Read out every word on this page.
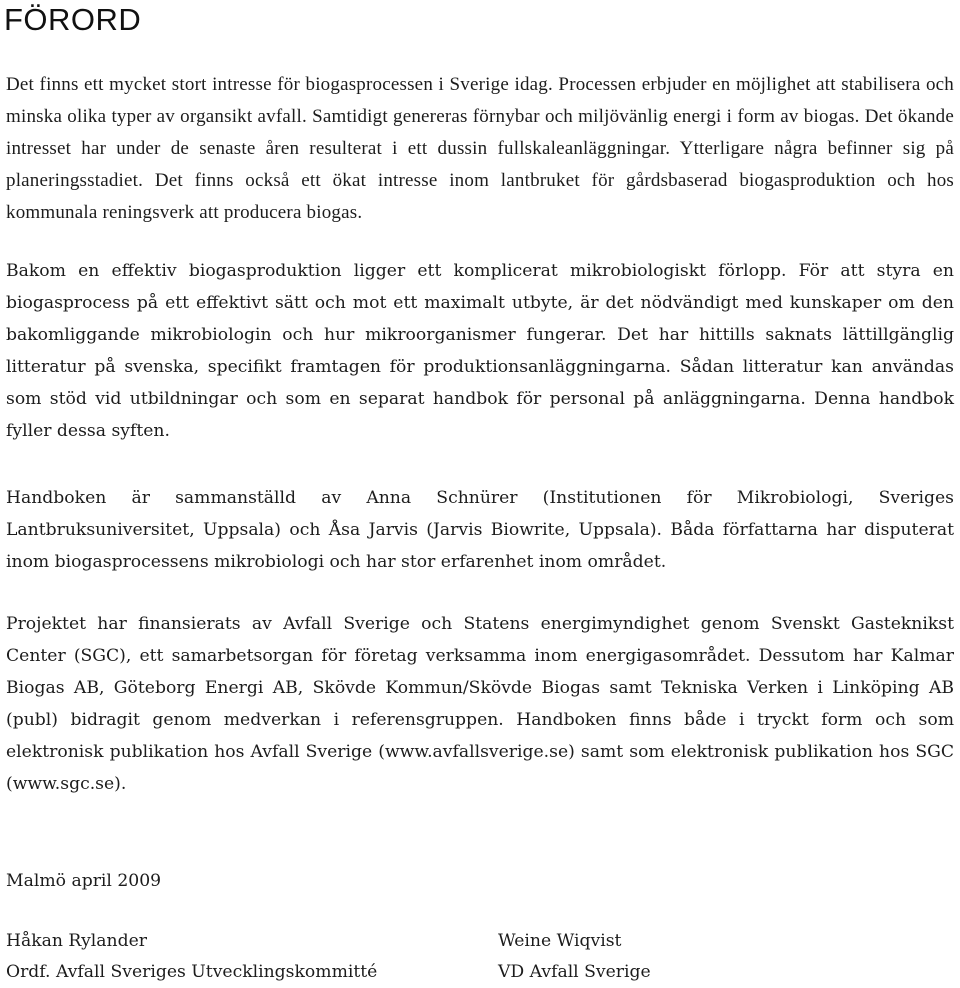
FÖRORD

Det finns ett mycket stort intresse för biogasprocessen i Sverige idag. Processen erbjuder en möjlighet att stabilisera och minska olika typer av organsikt avfall. Samtidigt genereras förnybar och miljövänlig energi i form av biogas. Det ökande intresset har under de senaste åren resulterat i ett dussin fullskaleanläggningar. Ytterligare några befinner sig på planeringsstadiet. Det finns också ett ökat intresse inom lantbruket för gårdsbaserad biogasproduktion och hos kommunala reningsverk att producera biogas.

Bakom en effektiv biogasproduktion ligger ett komplicerat mikrobiologiskt förlopp. För att styra en biogasprocess på ett effektivt sätt och mot ett maximalt utbyte, är det nödvändigt med kunskaper om den bakomliggande mikrobiologin och hur mikroorganismer fungerar. Det har hittills saknats lättillgänglig litteratur på svenska, specifikt framtagen för produktionsanläggningarna. Sådan litteratur kan användas som stöd vid utbildningar och som en separat handbok för personal på anläggningarna. Denna handbok fyller dessa syften.

Handboken är sammanställd av Anna Schnürer (Institutionen för Mikrobiologi, Sveriges Lantbruksuniversitet, Uppsala) och Åsa Jarvis (Jarvis Biowrite, Uppsala). Båda författarna har disputerat inom biogasprocessens mikrobiologi och har stor erfarenhet inom området.

Projektet har finansierats av Avfall Sverige och Statens energimyndighet genom Svenskt Gasteknikst Center (SGC), ett samarbetsorgan för företag verksamma inom energigasområdet. Dessutom har Kalmar Biogas AB, Göteborg Energi AB, Skövde Kommun/Skövde Biogas samt Tekniska Verken i Linköping AB (publ) bidragit genom medverkan i referensgruppen. Handboken finns både i tryckt form och som elektronisk publikation hos Avfall Sverige (www.avfallsverige.se) samt som elektronisk publikation hos SGC (www.sgc.se).

Malmö april 2009
Håkan Rylander
Ordf. Avfall Sveriges Utvecklingskommitté
Weine Wiqvist
VD Avfall Sverige
